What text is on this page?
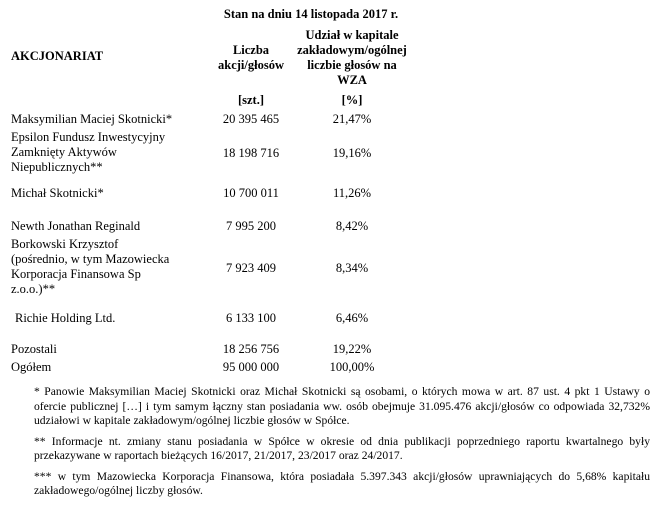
Stan na dniu 14 listopada 2017 r.
AKCJONARIAT	Liczba
akcji/głosów
Udział w kapitale
zakładowym/ogólnej
liczbie głosów na
WZA
[szt.]	[%]
Maksymilian Maciej Skotnicki*	20 395 465	21,47%
Epsilon Fundusz Inwestycyjny
Zamknięty Aktywów
Niepublicznych**
18 198 716	19,16%
Michał Skotnicki*	10 700 011	11,26%
Newth Jonathan Reginald	7 995 200	8,42%
Borkowski Krzysztof
(pośrednio, w tym Mazowiecka
Korporacja Finansowa Sp
z.o.o.)**
7 923 409	8,34%
Richie Holding Ltd.	6 133 100	6,46%
Pozostali	18 256 756	19,22%
Ogółem	95 000 000	100,00%

* Panowie Maksymilian Maciej Skotnicki oraz Michał Skotnicki są osobami, o których mowa w art. 87 ust. 4 pkt 1 Ustawy o ofercie publicznej […] i tym samym łączny stan posiadania ww. osób obejmuje 31.095.476 akcji/głosów co odpowiada 32,732% udziałowi w kapitale zakładowym/ogólnej liczbie głosów w Spółce.

** Informacje nt. zmiany stanu posiadania w Spółce w okresie od dnia publikacji poprzedniego raportu kwartalnego były przekazywane w raportach bieżących 16/2017, 21/2017, 23/2017 oraz 24/2017.

*** w tym Mazowiecka Korporacja Finansowa, która posiadała 5.397.343 akcji/głosów uprawniających do 5,68% kapitału zakładowego/ogólnej liczby głosów.
